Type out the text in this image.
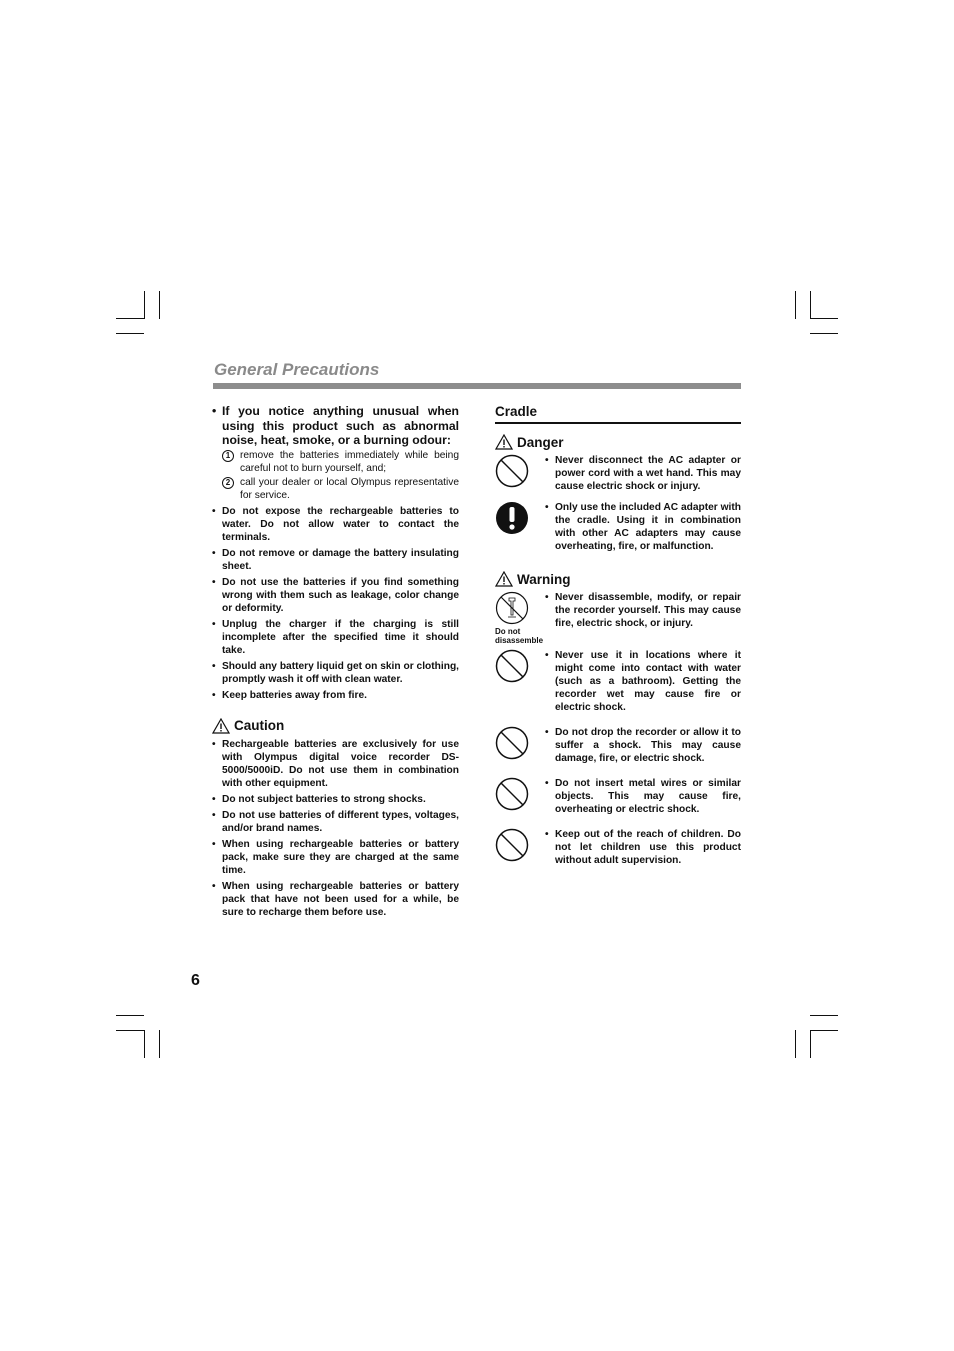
General Precautions
• If you notice anything unusual when using this product such as abnormal noise, heat, smoke, or a burning odour:
1 remove the batteries immediately while being careful not to burn yourself, and;
2 call your dealer or local Olympus representative for service.
• Do not expose the rechargeable batteries to water. Do not allow water to contact the terminals.
• Do not remove or damage the battery insulating sheet.
• Do not use the batteries if you find something wrong with them such as leakage, color change or deformity.
• Unplug the charger if the charging is still incomplete after the specified time it should take.
• Should any battery liquid get on skin or clothing, promptly wash it off with clean water.
• Keep batteries away from fire.
Caution
• Rechargeable batteries are exclusively for use with Olympus digital voice recorder DS-5000/5000iD. Do not use them in combination with other equipment.
• Do not subject batteries to strong shocks.
• Do not use batteries of different types, voltages, and/or brand names.
• When using rechargeable batteries or battery pack, make sure they are charged at the same time.
• When using rechargeable batteries or battery pack that have not been used for a while, be sure to recharge them before use.
Cradle
Danger
• Never disconnect the AC adapter or power cord with a wet hand. This may cause electric shock or injury.
• Only use the included AC adapter with the cradle. Using it in combination with other AC adapters may cause overheating, fire, or malfunction.
Warning
Do not disassemble
• Never disassemble, modify, or repair the recorder yourself. This may cause fire, electric shock, or injury.
• Never use it in locations where it might come into contact with water (such as a bathroom). Getting the recorder wet may cause fire or electric shock.
• Do not drop the recorder or allow it to suffer a shock. This may cause damage, fire, or electric shock.
• Do not insert metal wires or similar objects. This may cause fire, overheating or electric shock.
• Keep out of the reach of children. Do not let children use this product without adult supervision.
6
